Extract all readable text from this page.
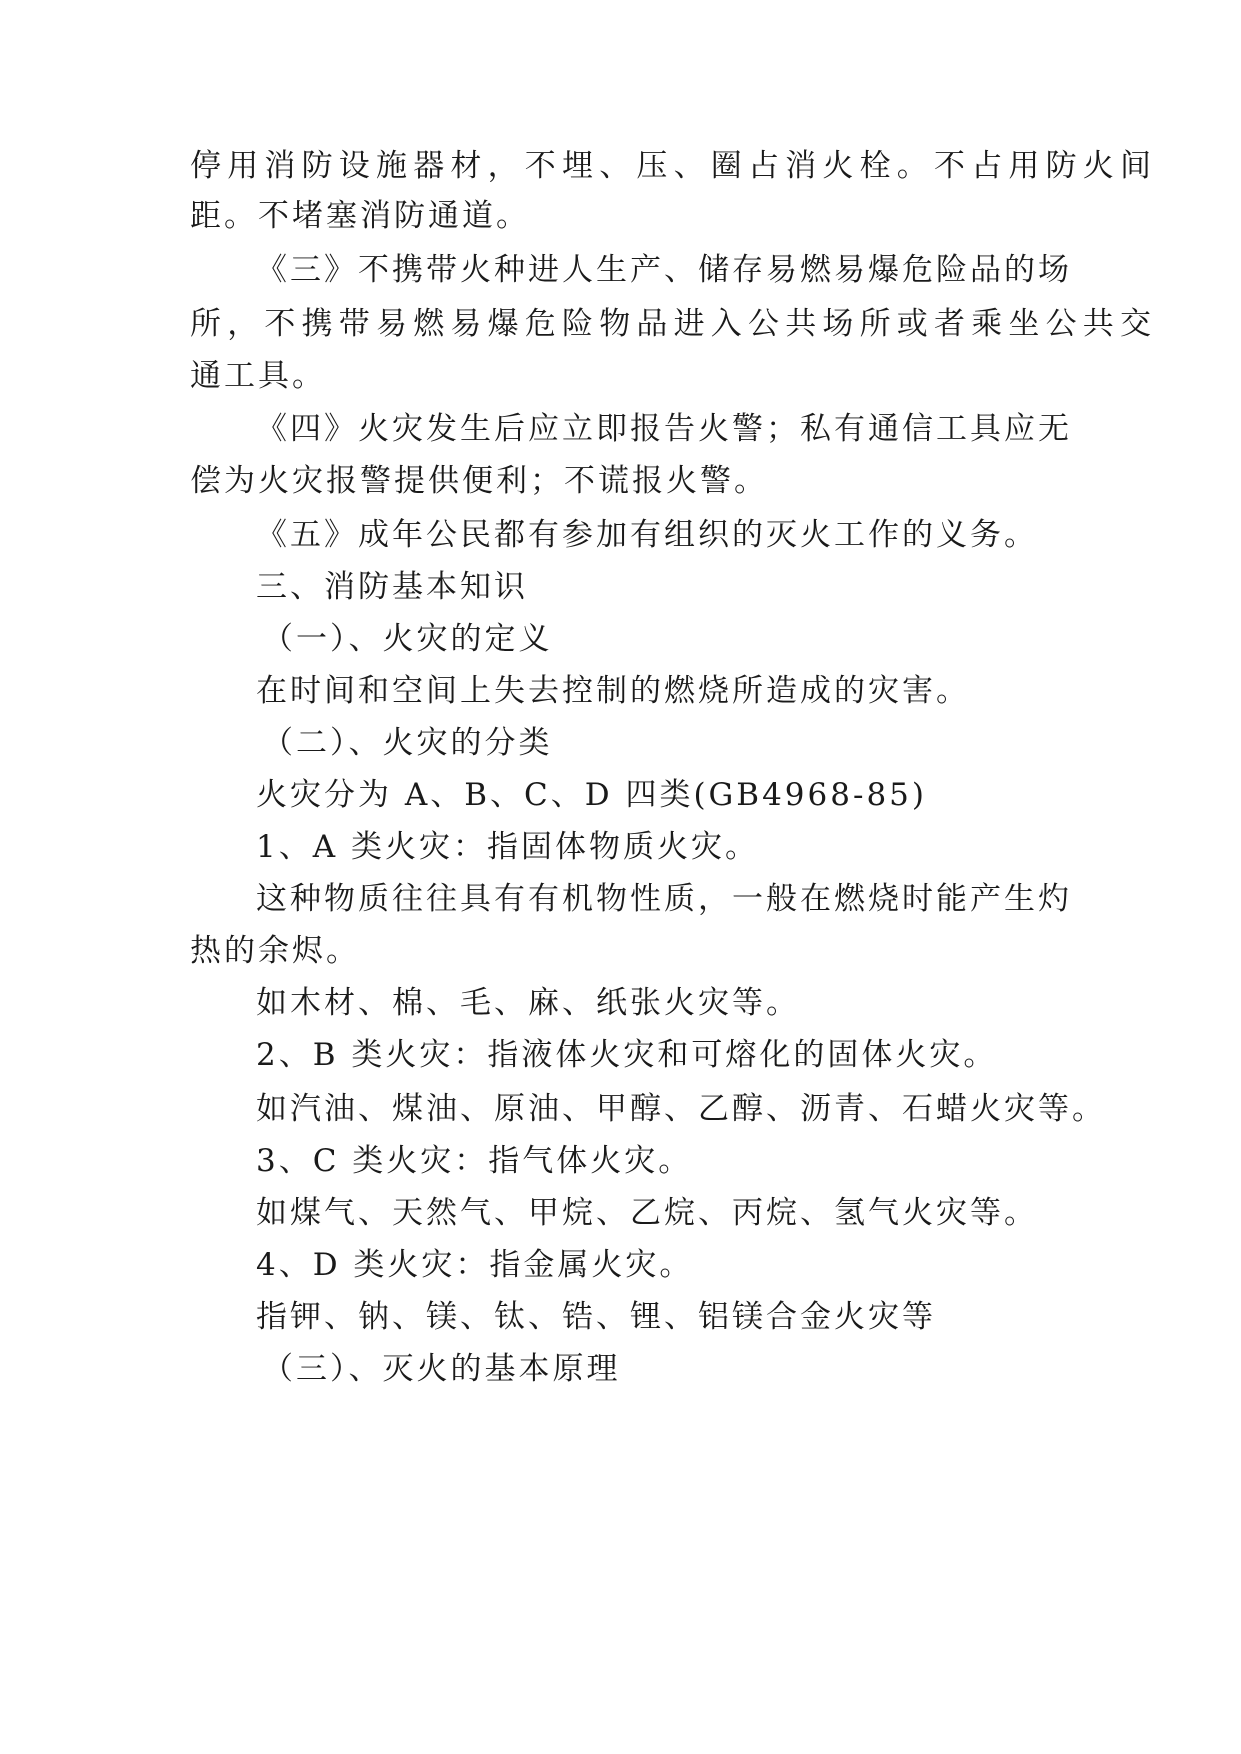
停用消防设施器材，不埋、压、圈占消火栓。不占用防火间
距。不堵塞消防通道。
《三》不携带火种进人生产、储存易燃易爆危险品的场
所，不携带易燃易爆危险物品进入公共场所或者乘坐公共交
通工具。
《四》火灾发生后应立即报告火警；私有通信工具应无
偿为火灾报警提供便利；不谎报火警。
《五》成年公民都有参加有组织的灭火工作的义务。
三、消防基本知识
（一）、火灾的定义
在时间和空间上失去控制的燃烧所造成的灾害。
（二）、火灾的分类
火灾分为 A、B、C、D 四类(GB4968-85)
1、A 类火灾：指固体物质火灾。
这种物质往往具有有机物性质，一般在燃烧时能产生灼
热的余烬。
如木材、棉、毛、麻、纸张火灾等。
2、B 类火灾：指液体火灾和可熔化的固体火灾。
如汽油、煤油、原油、甲醇、乙醇、沥青、石蜡火灾等。
3、C 类火灾：指气体火灾。
如煤气、天然气、甲烷、乙烷、丙烷、氢气火灾等。
4、D 类火灾：指金属火灾。
指钾、钠、镁、钛、锆、锂、铝镁合金火灾等
（三）、灭火的基本原理
